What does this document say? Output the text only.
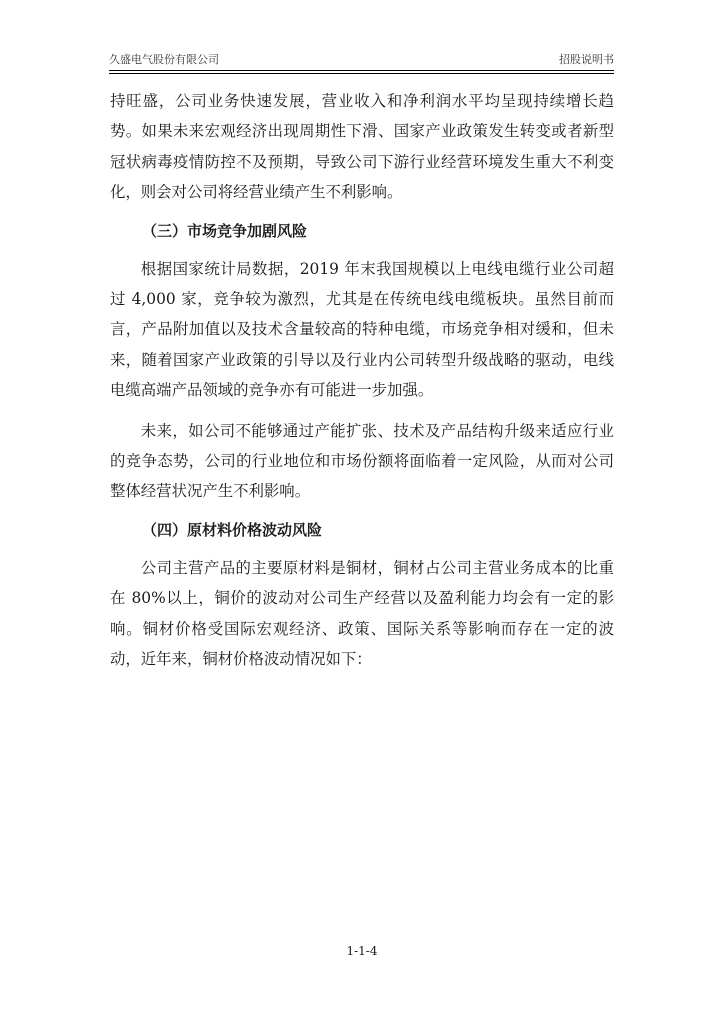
久盛电气股份有限公司	招股说明书

持旺盛，公司业务快速发展，营业收入和净利润水平均呈现持续增长趋势。如果未来宏观经济出现周期性下滑、国家产业政策发生转变或者新型冠状病毒疫情防控不及预期，导致公司下游行业经营环境发生重大不利变化，则会对公司将经营业绩产生不利影响。

（三）市场竞争加剧风险

根据国家统计局数据，2019 年末我国规模以上电线电缆行业公司超过 4,000 家，竞争较为激烈，尤其是在传统电线电缆板块。虽然目前而言，产品附加值以及技术含量较高的特种电缆，市场竞争相对缓和，但未来，随着国家产业政策的引导以及行业内公司转型升级战略的驱动，电线电缆高端产品领域的竞争亦有可能进一步加强。

未来，如公司不能够通过产能扩张、技术及产品结构升级来适应行业的竞争态势，公司的行业地位和市场份额将面临着一定风险，从而对公司整体经营状况产生不利影响。

（四）原材料价格波动风险

公司主营产品的主要原材料是铜材，铜材占公司主营业务成本的比重在 80%以上，铜价的波动对公司生产经营以及盈利能力均会有一定的影响。铜材价格受国际宏观经济、政策、国际关系等影响而存在一定的波动，近年来，铜材价格波动情况如下：

1-1-4
